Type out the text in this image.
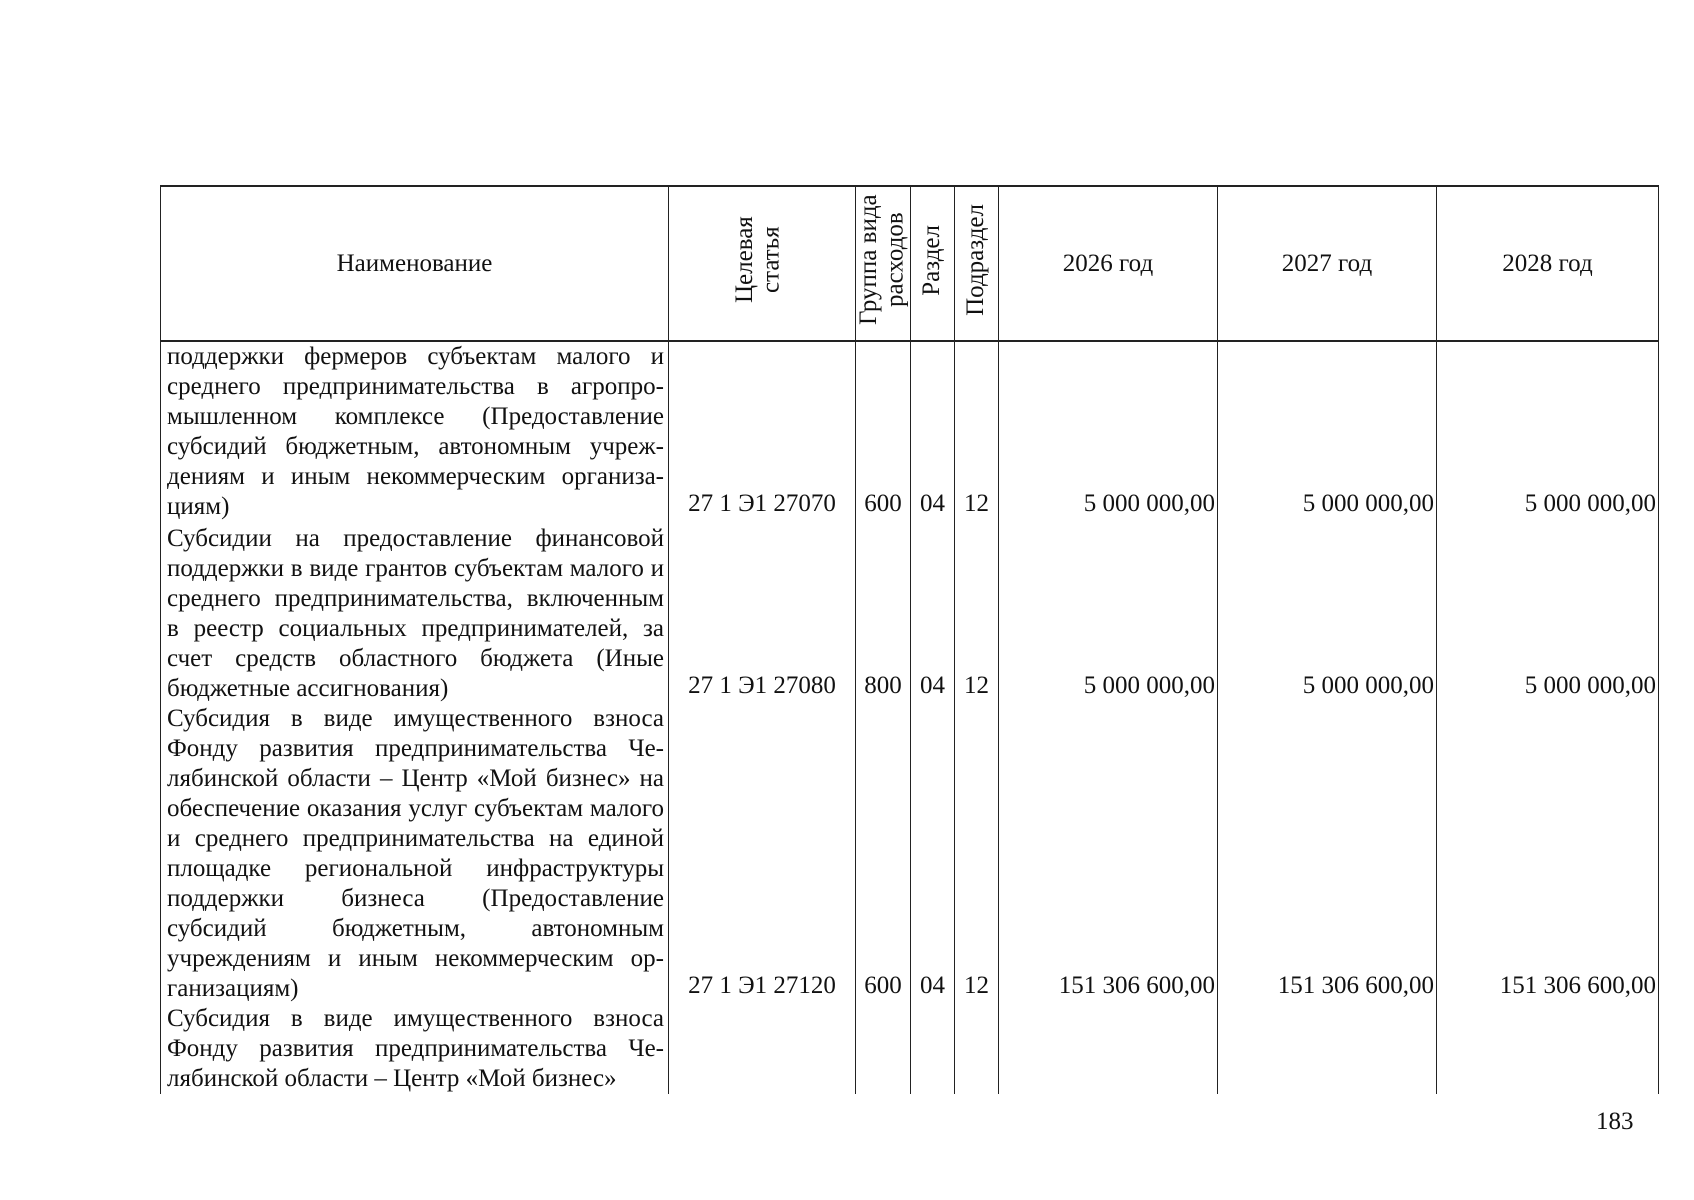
Наименование	Целевая статья	Группа вида расходов	Раздел	Подраздел	2026 год	2027 год	2028 год
поддержки фермеров субъектам малого и среднего предпринимательства в агропромышленном комплексе (Предоставление субсидий бюджетным, автономным учреждениям и иным некоммерческим организациям)	27 1 Э1 27070	600	04	12	5 000 000,00	5 000 000,00	5 000 000,00
Субсидии на предоставление финансовой поддержки в виде грантов субъектам малого и среднего предпринимательства, включенным в реестр социальных предпринимателей, за счет средств областного бюджета (Иные бюджетные ассигнования)	27 1 Э1 27080	800	04	12	5 000 000,00	5 000 000,00	5 000 000,00
Субсидия в виде имущественного взноса Фонду развития предпринимательства Челябинской области – Центр «Мой бизнес» на обеспечение оказания услуг субъектам малого и среднего предпринимательства на единой площадке региональной инфраструктуры поддержки бизнеса (Предоставление субсидий бюджетным, автономным учреждениям и иным некоммерческим организациям)	27 1 Э1 27120	600	04	12	151 306 600,00	151 306 600,00	151 306 600,00
Субсидия в виде имущественного взноса Фонду развития предпринимательства Челябинской области – Центр «Мой бизнес»							
183
